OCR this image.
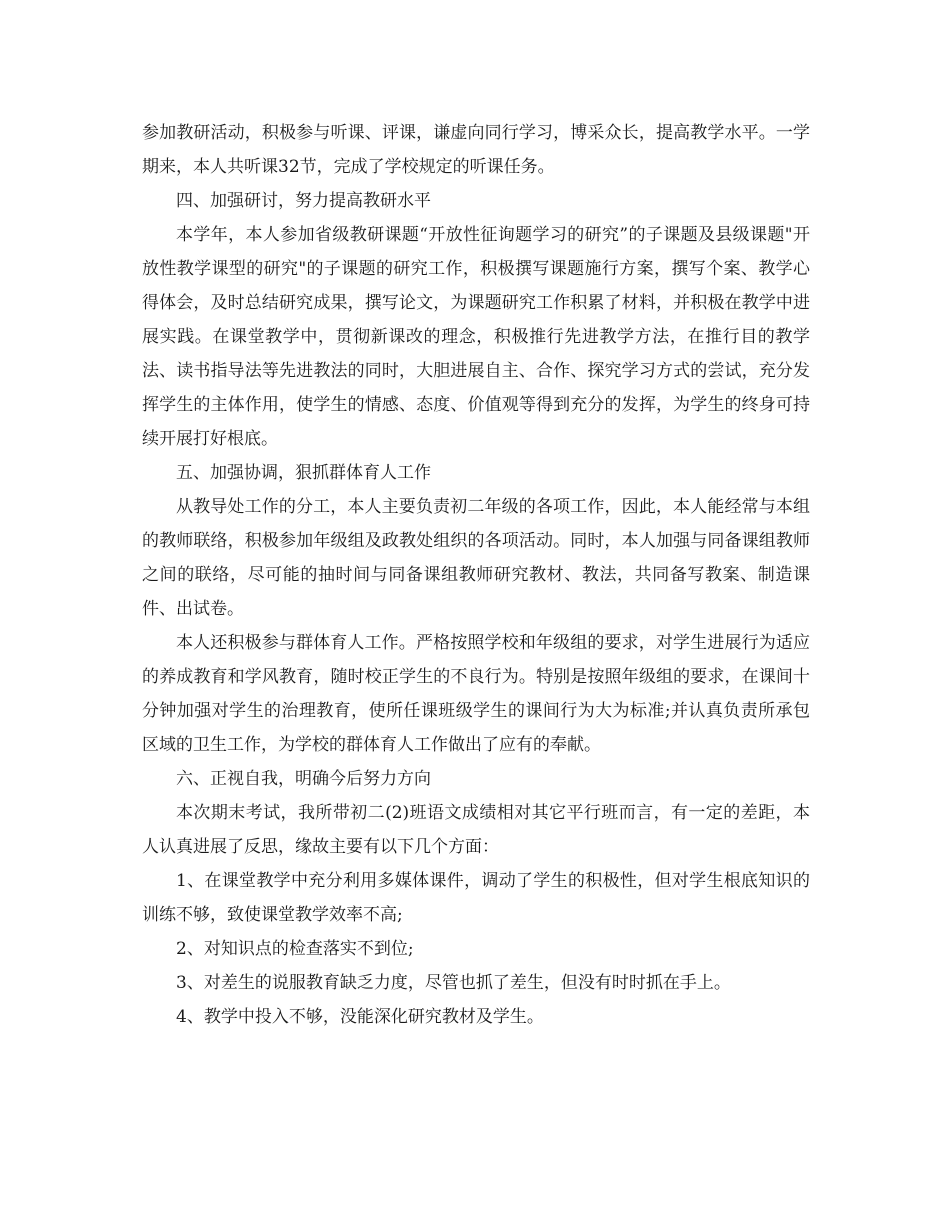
参加教研活动，积极参与听课、评课，谦虚向同行学习，博采众长，提高教学水平。一学期来，本人共听课32节，完成了学校规定的听课任务。

四、加强研讨，努力提高教研水平

本学年，本人参加省级教研课题“开放性征询题学习的研究”的子课题及县级课题"开放性教学课型的研究"的子课题的研究工作，积极撰写课题施行方案，撰写个案、教学心得体会，及时总结研究成果，撰写论文，为课题研究工作积累了材料，并积极在教学中进展实践。在课堂教学中，贯彻新课改的理念，积极推行先进教学方法，在推行目的教学法、读书指导法等先进教法的同时，大胆进展自主、合作、探究学习方式的尝试，充分发挥学生的主体作用，使学生的情感、态度、价值观等得到充分的发挥，为学生的终身可持续开展打好根底。

五、加强协调，狠抓群体育人工作

从教导处工作的分工，本人主要负责初二年级的各项工作，因此，本人能经常与本组的教师联络，积极参加年级组及政教处组织的各项活动。同时，本人加强与同备课组教师之间的联络，尽可能的抽时间与同备课组教师研究教材、教法，共同备写教案、制造课件、出试卷。

本人还积极参与群体育人工作。严格按照学校和年级组的要求，对学生进展行为适应的养成教育和学风教育，随时校正学生的不良行为。特别是按照年级组的要求，在课间十分钟加强对学生的治理教育，使所任课班级学生的课间行为大为标准;并认真负责所承包区域的卫生工作，为学校的群体育人工作做出了应有的奉献。

六、正视自我，明确今后努力方向

本次期末考试，我所带初二(2)班语文成绩相对其它平行班而言，有一定的差距，本人认真进展了反思，缘故主要有以下几个方面：

1、在课堂教学中充分利用多媒体课件，调动了学生的积极性，但对学生根底知识的训练不够，致使课堂教学效率不高;

2、对知识点的检查落实不到位;

3、对差生的说服教育缺乏力度，尽管也抓了差生，但没有时时抓在手上。

4、教学中投入不够，没能深化研究教材及学生。
